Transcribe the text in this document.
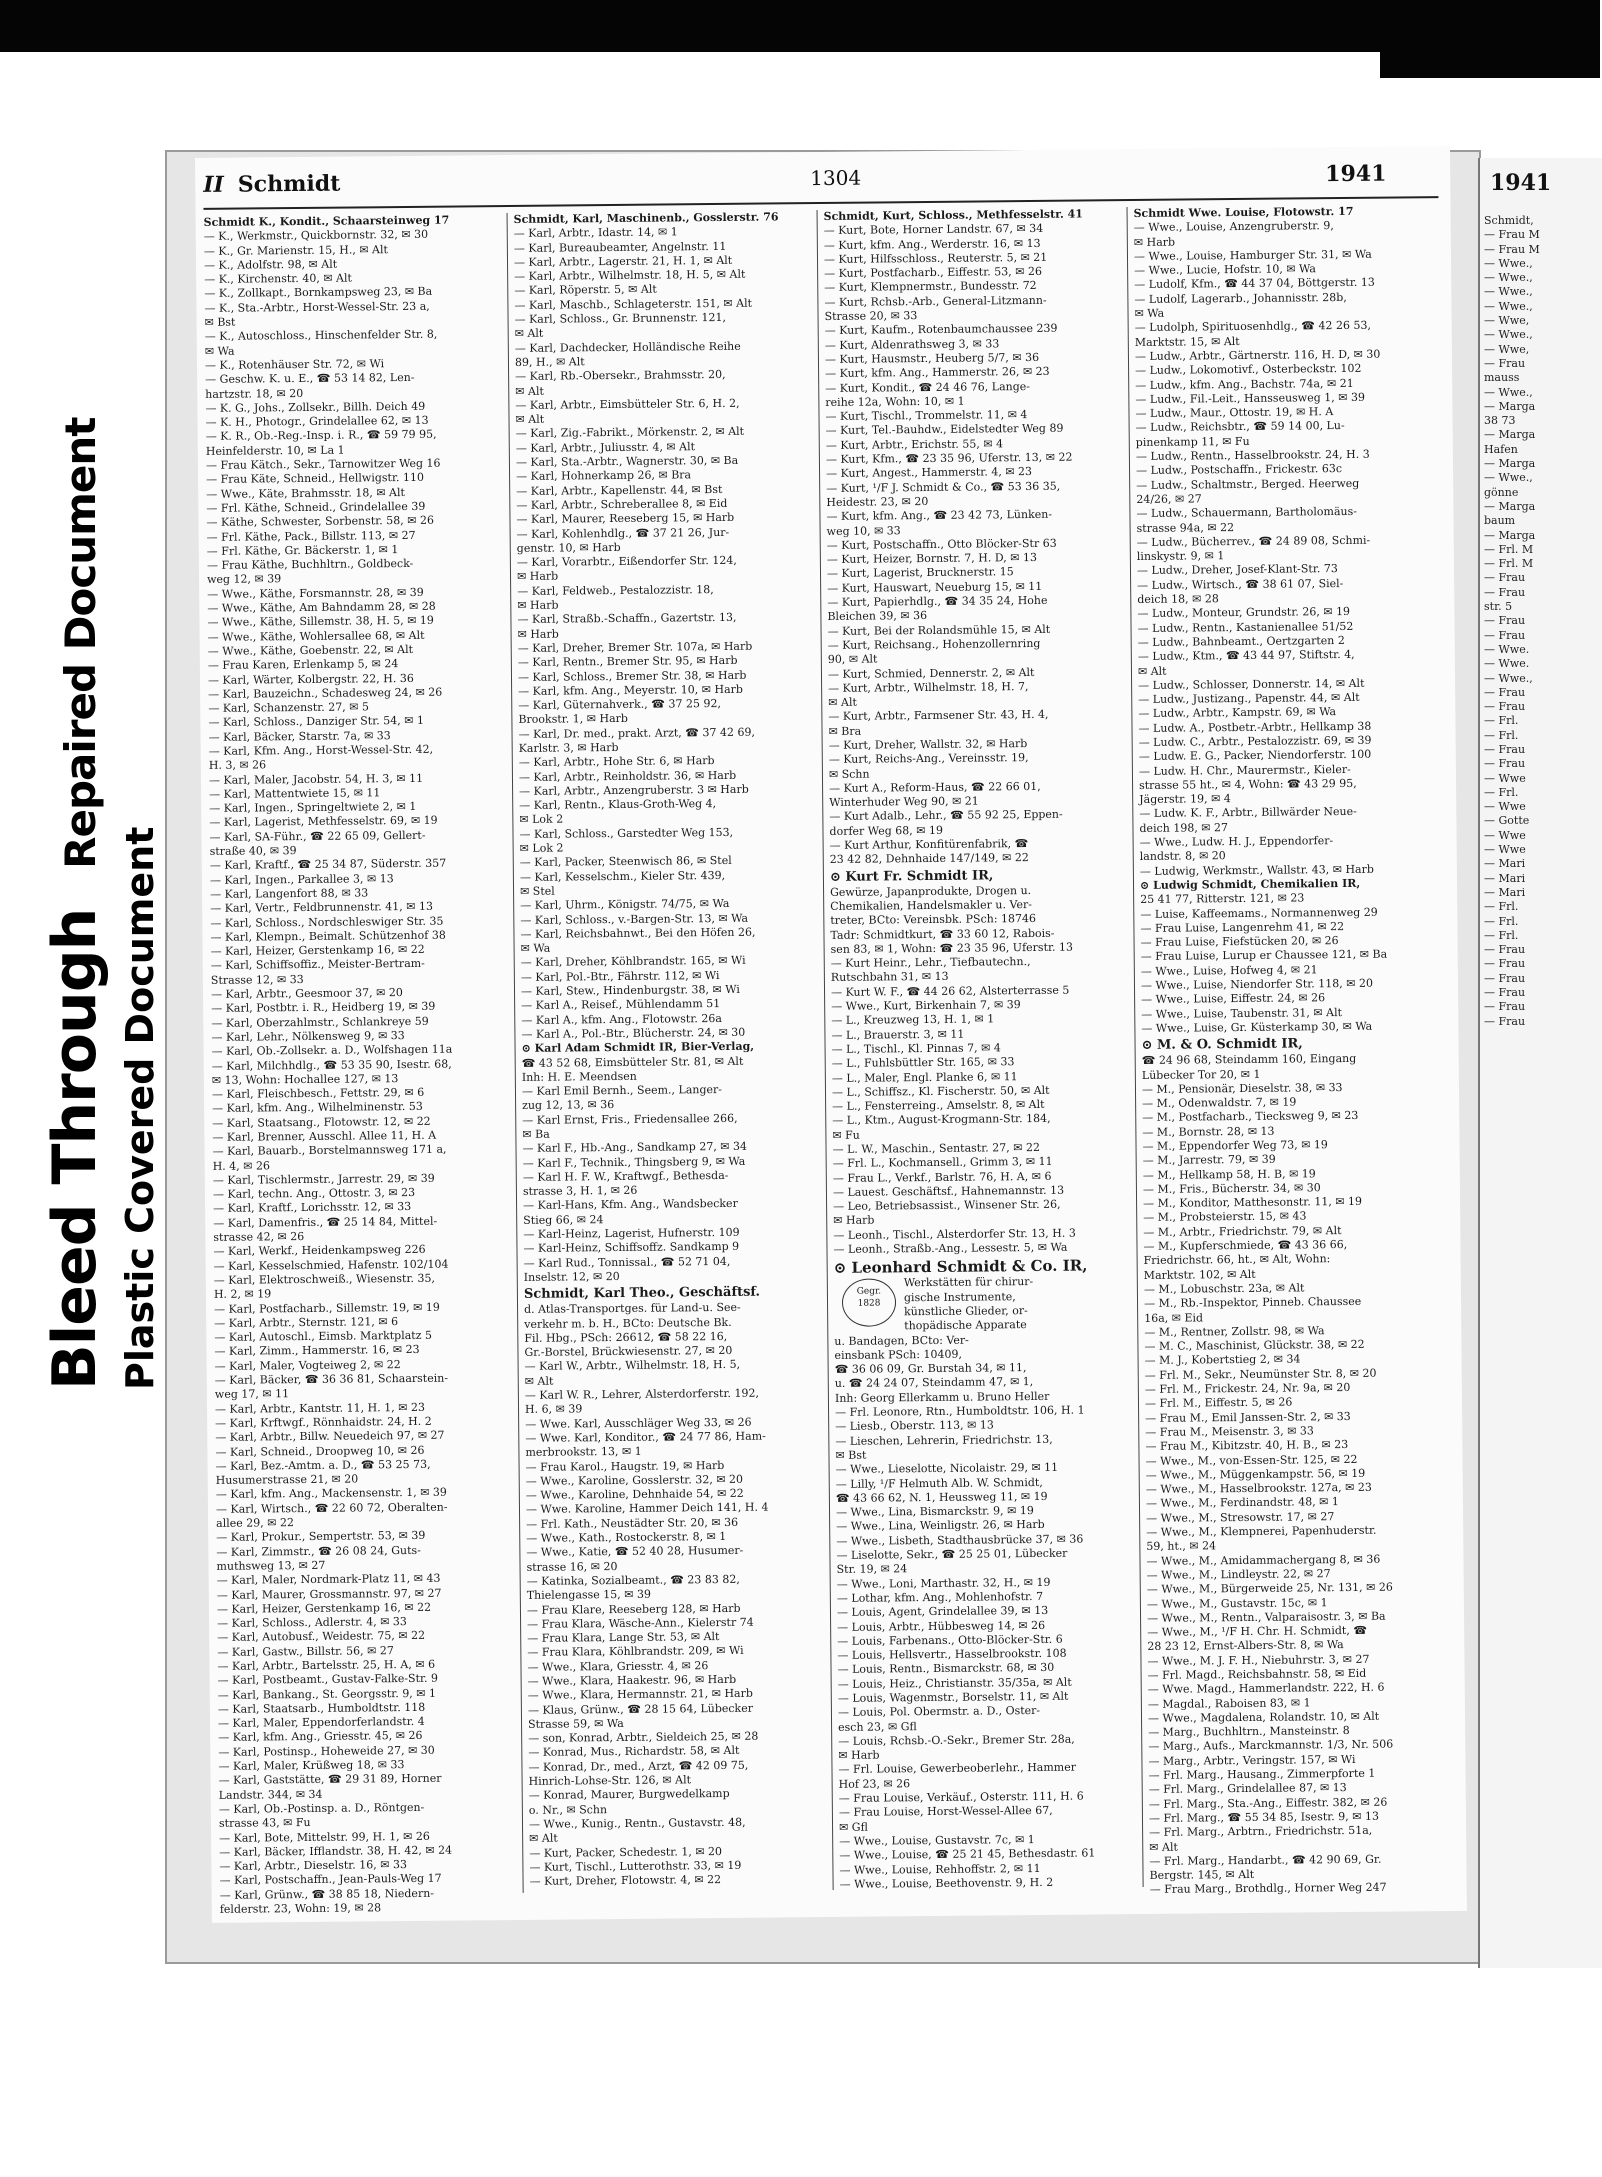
Bleed Through  Repaired Document
Plastic Covered Document
II Schmidt	1304	1941
Schmidt K., Kondit., Schaarsteinweg 17
— K., Werkmstr., Quickbornstr. 32, ✉ 30
— K., Gr. Marienstr. 15, H., ✉ Alt
— K., Adolfstr. 98, ✉ Alt
— K., Kirchenstr. 40, ✉ Alt
— K., Zollkapt., Bornkampsweg 23, ✉ Ba
— K., Sta.-Arbtr., Horst-Wessel-Str. 23 a,
✉ Bst
— K., Autoschloss., Hinschenfelder Str. 8,
✉ Wa
— K., Rotenhäuser Str. 72, ✉ Wi
— Geschw. K. u. E., ☎ 53 14 82, Len-
hartzstr. 18, ✉ 20
— K. G., Johs., Zollsekr., Billh. Deich 49
— K. H., Photogr., Grindelallee 62, ✉ 13
— K. R., Ob.-Reg.-Insp. i. R., ☎ 59 79 95,
Heinfelderstr. 10, ✉ La 1
— Frau Kätch., Sekr., Tarnowitzer Weg 16
— Frau Käte, Schneid., Hellwigstr. 110
— Wwe., Käte, Brahmsstr. 18, ✉ Alt
— Frl. Käthe, Schneid., Grindelallee 39
— Käthe, Schwester, Sorbenstr. 58, ✉ 26
— Frl. Käthe, Pack., Billstr. 113, ✉ 27
— Frl. Käthe, Gr. Bäckerstr. 1, ✉ 1
— Frau Käthe, Buchhltrn., Goldbeck-
weg 12, ✉ 39
— Wwe., Käthe, Forsmannstr. 28, ✉ 39
— Wwe., Käthe, Am Bahndamm 28, ✉ 28
— Wwe., Käthe, Sillemstr. 38, H. 5, ✉ 19
— Wwe., Käthe, Wohlersallee 68, ✉ Alt
— Wwe., Käthe, Goebenstr. 22, ✉ Alt
— Frau Karen, Erlenkamp 5, ✉ 24
— Karl, Wärter, Kolbergstr. 22, H. 36
— Karl, Bauzeichn., Schadesweg 24, ✉ 26
— Karl, Schanzenstr. 27, ✉ 5
— Karl, Schloss., Danziger Str. 54, ✉ 1
— Karl, Bäcker, Starstr. 7a, ✉ 33
— Karl, Kfm. Ang., Horst-Wessel-Str. 42,
H. 3, ✉ 26
— Karl, Maler, Jacobstr. 54, H. 3, ✉ 11
— Karl, Mattentwiete 15, ✉ 11
— Karl, Ingen., Springeltwiete 2, ✉ 1
— Karl, Lagerist, Methfesselstr. 69, ✉ 19
— Karl, SA-Führ., ☎ 22 65 09, Gellert-
straße 40, ✉ 39
— Karl, Kraftf., ☎ 25 34 87, Süderstr. 357
— Karl, Ingen., Parkallee 3, ✉ 13
— Karl, Langenfort 88, ✉ 33
— Karl, Vertr., Feldbrunnenstr. 41, ✉ 13
— Karl, Schloss., Nordschleswiger Str. 35
— Karl, Klempn., Beimalt. Schützenhof 38
— Karl, Heizer, Gerstenkamp 16, ✉ 22
— Karl, Schiffsoffiz., Meister-Bertram-
Strasse 12, ✉ 33
— Karl, Arbtr., Geesmoor 37, ✉ 20
— Karl, Postbtr. i. R., Heidberg 19, ✉ 39
— Karl, Oberzahlmstr., Schlankreye 59
— Karl, Lehr., Nölkensweg 9, ✉ 33
— Karl, Ob.-Zollsekr. a. D., Wolfshagen 11a
— Karl, Milchhdlg., ☎ 53 35 90, Isestr. 68,
✉ 13, Wohn: Hochallee 127, ✉ 13
— Karl, Fleischbesch., Fettstr. 29, ✉ 6
— Karl, kfm. Ang., Wilhelminenstr. 53
— Karl, Staatsang., Flotowstr. 12, ✉ 22
— Karl, Brenner, Ausschl. Allee 11, H. A
— Karl, Bauarb., Borstelmannsweg 171 a,
H. 4, ✉ 26
— Karl, Tischlermstr., Jarrestr. 29, ✉ 39
— Karl, techn. Ang., Ottostr. 3, ✉ 23
— Karl, Kraftf., Lorichsstr. 12, ✉ 33
— Karl, Damenfris., ☎ 25 14 84, Mittel-
strasse 42, ✉ 26
— Karl, Werkf., Heidenkampsweg 226
— Karl, Kesselschmied, Hafenstr. 102/104
— Karl, Elektroschweiß., Wiesenstr. 35,
H. 2, ✉ 19
— Karl, Postfacharb., Sillemstr. 19, ✉ 19
— Karl, Arbtr., Sternstr. 121, ✉ 6
— Karl, Autoschl., Eimsb. Marktplatz 5
— Karl, Zimm., Hammerstr. 16, ✉ 23
— Karl, Maler, Vogteiweg 2, ✉ 22
— Karl, Bäcker, ☎ 36 36 81, Schaarstein-
weg 17, ✉ 11
— Karl, Arbtr., Kantstr. 11, H. 1, ✉ 23
— Karl, Krftwgf., Rönnhaidstr. 24, H. 2
— Karl, Arbtr., Billw. Neuedeich 97, ✉ 27
— Karl, Schneid., Droopweg 10, ✉ 26
— Karl, Bez.-Amtm. a. D., ☎ 53 25 73,
Husumerstrasse 21, ✉ 20
— Karl, kfm. Ang., Mackensenstr. 1, ✉ 39
— Karl, Wirtsch., ☎ 22 60 72, Oberalten-
allee 29, ✉ 22
— Karl, Prokur., Sempertstr. 53, ✉ 39
— Karl, Zimmstr., ☎ 26 08 24, Guts-
muthsweg 13, ✉ 27
— Karl, Maler, Nordmark-Platz 11, ✉ 43
— Karl, Maurer, Grossmannstr. 97, ✉ 27
— Karl, Heizer, Gerstenkamp 16, ✉ 22
— Karl, Schloss., Adlerstr. 4, ✉ 33
— Karl, Autobusf., Weidestr. 75, ✉ 22
— Karl, Gastw., Billstr. 56, ✉ 27
— Karl, Arbtr., Bartelsstr. 25, H. A, ✉ 6
— Karl, Postbeamt., Gustav-Falke-Str. 9
— Karl, Bankang., St. Georgsstr. 9, ✉ 1
— Karl, Staatsarb., Humboldtstr. 118
— Karl, Maler, Eppendorferlandstr. 4
— Karl, kfm. Ang., Griesstr. 45, ✉ 26
— Karl, Postinsp., Hoheweide 27, ✉ 30
— Karl, Maler, Krüßweg 18, ✉ 33
— Karl, Gaststätte, ☎ 29 31 89, Horner
Landstr. 344, ✉ 34
— Karl, Ob.-Postinsp. a. D., Röntgen-
strasse 43, ✉ Fu
— Karl, Bote, Mittelstr. 99, H. 1, ✉ 26
— Karl, Bäcker, Ifflandstr. 38, H. 42, ✉ 24
— Karl, Arbtr., Dieselstr. 16, ✉ 33
— Karl, Postschaffn., Jean-Pauls-Weg 17
— Karl, Grünw., ☎ 38 85 18, Niedern-
felderstr. 23, Wohn: 19, ✉ 28
Schmidt, Karl, Maschinenb., Gosslerstr. 76
— Karl, Arbtr., Idastr. 14, ✉ 1
— Karl, Bureaubeamter, Angelnstr. 11
— Karl, Arbtr., Lagerstr. 21, H. 1, ✉ Alt
— Karl, Arbtr., Wilhelmstr. 18, H. 5, ✉ Alt
— Karl, Röperstr. 5, ✉ Alt
— Karl, Maschb., Schlageterstr. 151, ✉ Alt
— Karl, Schloss., Gr. Brunnenstr. 121,
✉ Alt
— Karl, Dachdecker, Holländische Reihe
89, H., ✉ Alt
— Karl, Rb.-Obersekr., Brahmsstr. 20,
✉ Alt
— Karl, Arbtr., Eimsbütteler Str. 6, H. 2,
✉ Alt
— Karl, Zig.-Fabrikt., Mörkenstr. 2, ✉ Alt
— Karl, Arbtr., Juliusstr. 4, ✉ Alt
— Karl, Sta.-Arbtr., Wagnerstr. 30, ✉ Ba
— Karl, Hohnerkamp 26, ✉ Bra
— Karl, Arbtr., Kapellenstr. 44, ✉ Bst
— Karl, Arbtr., Schreberallee 8, ✉ Eid
— Karl, Maurer, Reeseberg 15, ✉ Harb
— Karl, Kohlenhdlg., ☎ 37 21 26, Jur-
genstr. 10, ✉ Harb
— Karl, Vorarbtr., Eißendorfer Str. 124,
✉ Harb
— Karl, Feldweb., Pestalozzistr. 18,
✉ Harb
— Karl, Straßb.-Schaffn., Gazertstr. 13,
✉ Harb
— Karl, Dreher, Bremer Str. 107a, ✉ Harb
— Karl, Rentn., Bremer Str. 95, ✉ Harb
— Karl, Schloss., Bremer Str. 38, ✉ Harb
— Karl, kfm. Ang., Meyerstr. 10, ✉ Harb
— Karl, Güternahverk., ☎ 37 25 92,
Brookstr. 1, ✉ Harb
— Karl, Dr. med., prakt. Arzt, ☎ 37 42 69,
Karlstr. 3, ✉ Harb
— Karl, Arbtr., Hohe Str. 6, ✉ Harb
— Karl, Arbtr., Reinholdstr. 36, ✉ Harb
— Karl, Arbtr., Anzengruberstr. 3 ✉ Harb
— Karl, Rentn., Klaus-Groth-Weg 4,
✉ Lok 2
— Karl, Schloss., Garstedter Weg 153,
✉ Lok 2
— Karl, Packer, Steenwisch 86, ✉ Stel
— Karl, Kesselschm., Kieler Str. 439,
✉ Stel
— Karl, Uhrm., Königstr. 74/75, ✉ Wa
— Karl, Schloss., v.-Bargen-Str. 13, ✉ Wa
— Karl, Reichsbahnwt., Bei den Höfen 26,
✉ Wa
— Karl, Dreher, Köhlbrandstr. 165, ✉ Wi
— Karl, Pol.-Btr., Fährstr. 112, ✉ Wi
— Karl, Stew., Hindenburgstr. 38, ✉ Wi
— Karl A., Reisef., Mühlendamm 51
— Karl A., kfm. Ang., Flotowstr. 26a
— Karl A., Pol.-Btr., Blücherstr. 24, ✉ 30
⊙ Karl Adam Schmidt IR, Bier-Verlag,
☎ 43 52 68, Eimsbütteler Str. 81, ✉ Alt
Inh: H. E. Meendsen
— Karl Emil Bernh., Seem., Langer-
zug 12, 13, ✉ 36
— Karl Ernst, Fris., Friedensallee 266,
✉ Ba
— Karl F., Hb.-Ang., Sandkamp 27, ✉ 34
— Karl F., Technik., Thingsberg 9, ✉ Wa
— Karl H. F. W., Kraftwgf., Bethesda-
strasse 3, H. 1, ✉ 26
— Karl-Hans, Kfm. Ang., Wandsbecker
Stieg 66, ✉ 24
— Karl-Heinz, Lagerist, Hufnerstr. 109
— Karl-Heinz, Schiffsoffz. Sandkamp 9
— Karl Rud., Tonnissal., ☎ 52 71 04,
Inselstr. 12, ✉ 20
Schmidt, Karl Theo., Geschäftsf.
d. Atlas-Transportges. für Land-u. See-
verkehr m. b. H., BCto: Deutsche Bk.
Fil. Hbg., PSch: 26612, ☎ 58 22 16,
Gr.-Borstel, Brückwiesenstr. 27, ✉ 20
— Karl W., Arbtr., Wilhelmstr. 18, H. 5,
✉ Alt
— Karl W. R., Lehrer, Alsterdorferstr. 192,
H. 6, ✉ 39
— Wwe. Karl, Ausschläger Weg 33, ✉ 26
— Wwe. Karl, Konditor., ☎ 24 77 86, Ham-
merbrookstr. 13, ✉ 1
— Frau Karol., Haugstr. 19, ✉ Harb
— Wwe., Karoline, Gosslerstr. 32, ✉ 20
— Wwe., Karoline, Dehnhaide 54, ✉ 22
— Wwe. Karoline, Hammer Deich 141, H. 4
— Frl. Kath., Neustädter Str. 20, ✉ 36
— Wwe., Kath., Rostockerstr. 8, ✉ 1
— Wwe., Katie, ☎ 52 40 28, Husumer-
strasse 16, ✉ 20
— Katinka, Sozialbeamt., ☎ 23 83 82,
Thielengasse 15, ✉ 39
— Frau Klare, Reeseberg 128, ✉ Harb
— Frau Klara, Wäsche-Ann., Kielerstr 74
— Frau Klara, Lange Str. 53, ✉ Alt
— Frau Klara, Köhlbrandstr. 209, ✉ Wi
— Wwe., Klara, Griesstr. 4, ✉ 26
— Wwe., Klara, Haakestr. 96, ✉ Harb
— Wwe., Klara, Hermannstr. 21, ✉ Harb
— Klaus, Grünw., ☎ 28 15 64, Lübecker
Strasse 59, ✉ Wa
— son, Konrad, Arbtr., Sieldeich 25, ✉ 28
— Konrad, Mus., Richardstr. 58, ✉ Alt
— Konrad, Dr., med., Arzt, ☎ 42 09 75,
Hinrich-Lohse-Str. 126, ✉ Alt
— Konrad, Maurer, Burgwedelkamp
o. Nr., ✉ Schn
— Wwe., Kunig., Rentn., Gustavstr. 48,
✉ Alt
— Kurt, Packer, Schedestr. 1, ✉ 20
— Kurt, Tischl., Lutterothstr. 33, ✉ 19
— Kurt, Dreher, Flotowstr. 4, ✉ 22
Schmidt, Kurt, Schloss., Methfesselstr. 41
— Kurt, Bote, Horner Landstr. 67, ✉ 34
— Kurt, kfm. Ang., Werderstr. 16, ✉ 13
— Kurt, Hilfsschloss., Reuterstr. 5, ✉ 21
— Kurt, Postfacharb., Eiffestr. 53, ✉ 26
— Kurt, Klempnermstr., Bundesstr. 72
— Kurt, Rchsb.-Arb., General-Litzmann-
Strasse 20, ✉ 33
— Kurt, Kaufm., Rotenbaumchaussee 239
— Kurt, Aldenrathsweg 3, ✉ 33
— Kurt, Hausmstr., Heuberg 5/7, ✉ 36
— Kurt, kfm. Ang., Hammerstr. 26, ✉ 23
— Kurt, Kondit., ☎ 24 46 76, Lange-
reihe 12a, Wohn: 10, ✉ 1
— Kurt, Tischl., Trommelstr. 11, ✉ 4
— Kurt, Tel.-Bauhdw., Eidelstedter Weg 89
— Kurt, Arbtr., Erichstr. 55, ✉ 4
— Kurt, Kfm., ☎ 23 35 96, Uferstr. 13, ✉ 22
— Kurt, Angest., Hammerstr. 4, ✉ 23
— Kurt, ¹/F J. Schmidt & Co., ☎ 53 36 35,
Heidestr. 23, ✉ 20
— Kurt, kfm. Ang., ☎ 23 42 73, Lünken-
weg 10, ✉ 33
— Kurt, Postschaffn., Otto Blöcker-Str 63
— Kurt, Heizer, Bornstr. 7, H. D, ✉ 13
— Kurt, Lagerist, Brucknerstr. 15
— Kurt, Hauswart, Neueburg 15, ✉ 11
— Kurt, Papierhdlg., ☎ 34 35 24, Hohe
Bleichen 39, ✉ 36
— Kurt, Bei der Rolandsmühle 15, ✉ Alt
— Kurt, Reichsang., Hohenzollernring
90, ✉ Alt
— Kurt, Schmied, Dennerstr. 2, ✉ Alt
— Kurt, Arbtr., Wilhelmstr. 18, H. 7,
✉ Alt
— Kurt, Arbtr., Farmsener Str. 43, H. 4,
✉ Bra
— Kurt, Dreher, Wallstr. 32, ✉ Harb
— Kurt, Reichs-Ang., Vereinsstr. 19,
✉ Schn
— Kurt A., Reform-Haus, ☎ 22 66 01,
Winterhuder Weg 90, ✉ 21
— Kurt Adalb., Lehr., ☎ 55 92 25, Eppen-
dorfer Weg 68, ✉ 19
— Kurt Arthur, Konfitürenfabrik, ☎
23 42 82, Dehnhaide 147/149, ✉ 22
⊙ Kurt Fr. Schmidt IR,
Gewürze, Japanprodukte, Drogen u.
Chemikalien, Handelsmakler u. Ver-
treter, BCto: Vereinsbk. PSch: 18746
Tadr: Schmidtkurt, ☎ 33 60 12, Rabois-
sen 83, ✉ 1, Wohn: ☎ 23 35 96, Uferstr. 13
— Kurt Heinr., Lehr., Tiefbautechn.,
Rutschbahn 31, ✉ 13
— Kurt W. F., ☎ 44 26 62, Alsterterrasse 5
— Wwe., Kurt, Birkenhain 7, ✉ 39
— L., Kreuzweg 13, H. 1, ✉ 1
— L., Brauerstr. 3, ✉ 11
— L., Tischl., Kl. Pinnas 7, ✉ 4
— L., Fuhlsbüttler Str. 165, ✉ 33
— L., Maler, Engl. Planke 6, ✉ 11
— L., Schiffsz., Kl. Fischerstr. 50, ✉ Alt
— L., Fensterreing., Amselstr. 8, ✉ Alt
— L., Ktm., August-Krogmann-Str. 184,
✉ Fu
— L. W., Maschin., Sentastr. 27, ✉ 22
— Frl. L., Kochmansell., Grimm 3, ✉ 11
— Frau L., Verkf., Barlstr. 76, H. A, ✉ 6
— Lauest. Geschäftsf., Hahnemannstr. 13
— Leo, Betriebsassist., Winsener Str. 26,
✉ Harb
— Leonh., Tischl., Alsterdorfer Str. 13, H. 3
— Leonh., Straßb.-Ang., Lessestr. 5, ✉ Wa
⊙ Leonhard Schmidt & Co. IR,
Gegr.
1828
Werkstätten für chirur-
gische Instrumente,
künstliche Glieder, or-
thopädische Apparate
u. Bandagen, BCto: Ver-
einsbank PSch: 10409,
☎ 36 06 09, Gr. Burstah 34, ✉ 11,
u. ☎ 24 24 07, Steindamm 47, ✉ 1,
Inh: Georg Ellerkamm u. Bruno Heller
— Frl. Leonore, Rtn., Humboldtstr. 106, H. 1
— Liesb., Oberstr. 113, ✉ 13
— Lieschen, Lehrerin, Friedrichstr. 13,
✉ Bst
— Wwe., Lieselotte, Nicolaistr. 29, ✉ 11
— Lilly, ¹/F Helmuth Alb. W. Schmidt,
☎ 43 66 62, N. 1, Heussweg 11, ✉ 19
— Wwe., Lina, Bismarckstr. 9, ✉ 19
— Wwe., Lina, Weinligstr. 26, ✉ Harb
— Wwe., Lisbeth, Stadthausbrücke 37, ✉ 36
— Liselotte, Sekr., ☎ 25 25 01, Lübecker
Str. 19, ✉ 24
— Wwe., Loni, Marthastr. 32, H., ✉ 19
— Lothar, kfm. Ang., Mohlenhofstr. 7
— Louis, Agent, Grindelallee 39, ✉ 13
— Louis, Arbtr., Hübbesweg 14, ✉ 26
— Louis, Farbenans., Otto-Blöcker-Str. 6
— Louis, Hellsvertr., Hasselbrookstr. 108
— Louis, Rentn., Bismarckstr. 68, ✉ 30
— Louis, Heiz., Christianstr. 35/35a, ✉ Alt
— Louis, Wagenmstr., Borselstr. 11, ✉ Alt
— Louis, Pol. Obermstr. a. D., Oster-
esch 23, ✉ Gfl
— Louis, Rchsb.-O.-Sekr., Bremer Str. 28a,
✉ Harb
— Frl. Louise, Gewerbeoberlehr., Hammer
Hof 23, ✉ 26
— Frau Louise, Verkäuf., Osterstr. 111, H. 6
— Frau Louise, Horst-Wessel-Allee 67,
✉ Gfl
— Wwe., Louise, Gustavstr. 7c, ✉ 1
— Wwe., Louise, ☎ 25 21 45, Bethesdastr. 61
— Wwe., Louise, Rehhoffstr. 2, ✉ 11
— Wwe., Louise, Beethovenstr. 9, H. 2
Schmidt Wwe. Louise, Flotowstr. 17
— Wwe., Louise, Anzengruberstr. 9,
✉ Harb
— Wwe., Louise, Hamburger Str. 31, ✉ Wa
— Wwe., Lucie, Hofstr. 10, ✉ Wa
— Ludolf, Kfm., ☎ 44 37 04, Böttgerstr. 13
— Ludolf, Lagerarb., Johannisstr. 28b,
✉ Wa
— Ludolph, Spirituosenhdlg., ☎ 42 26 53,
Marktstr. 15, ✉ Alt
— Ludw., Arbtr., Gärtnerstr. 116, H. D, ✉ 30
— Ludw., Lokomotivf., Osterbeckstr. 102
— Ludw., kfm. Ang., Bachstr. 74a, ✉ 21
— Ludw., Fil.-Leit., Hansseusweg 1, ✉ 39
— Ludw., Maur., Ottostr. 19, ✉ H. A
— Ludw., Reichsbtr., ☎ 59 14 00, Lu-
pinenkamp 11, ✉ Fu
— Ludw., Rentn., Hasselbrookstr. 24, H. 3
— Ludw., Postschaffn., Frickestr. 63c
— Ludw., Schaltmstr., Berged. Heerweg
24/26, ✉ 27
— Ludw., Schauermann, Bartholomäus-
strasse 94a, ✉ 22
— Ludw., Bücherrev., ☎ 24 89 08, Schmi-
linskystr. 9, ✉ 1
— Ludw., Dreher, Josef-Klant-Str. 73
— Ludw., Wirtsch., ☎ 38 61 07, Siel-
deich 18, ✉ 28
— Ludw., Monteur, Grundstr. 26, ✉ 19
— Ludw., Rentn., Kastanienallee 51/52
— Ludw., Bahnbeamt., Oertzgarten 2
— Ludw., Ktm., ☎ 43 44 97, Stiftstr. 4,
✉ Alt
— Ludw., Schlosser, Donnerstr. 14, ✉ Alt
— Ludw., Justizang., Papenstr. 44, ✉ Alt
— Ludw., Arbtr., Kampstr. 69, ✉ Wa
— Ludw. A., Postbetr.-Arbtr., Hellkamp 38
— Ludw. C., Arbtr., Pestalozzistr. 69, ✉ 39
— Ludw. E. G., Packer, Niendorferstr. 100
— Ludw. H. Chr., Maurermstr., Kieler-
strasse 55 ht., ✉ 4, Wohn: ☎ 43 29 95,
Jägerstr. 19, ✉ 4
— Ludw. K. F., Arbtr., Billwärder Neue-
deich 198, ✉ 27
— Wwe., Ludw. H. J., Eppendorfer-
landstr. 8, ✉ 20
— Ludwig, Werkmstr., Wallstr. 43, ✉ Harb
⊙ Ludwig Schmidt, Chemikalien IR,
25 41 77, Ritterstr. 121, ✉ 23
— Luise, Kaffeemams., Normannenweg 29
— Frau Luise, Langenrehm 41, ✉ 22
— Frau Luise, Fiefstücken 20, ✉ 26
— Frau Luise, Lurup er Chaussee 121, ✉ Ba
— Wwe., Luise, Hofweg 4, ✉ 21
— Wwe., Luise, Niendorfer Str. 118, ✉ 20
— Wwe., Luise, Eiffestr. 24, ✉ 26
— Wwe., Luise, Taubenstr. 31, ✉ Alt
— Wwe., Luise, Gr. Küsterkamp 30, ✉ Wa
⊙ M. & O. Schmidt IR,
☎ 24 96 68, Steindamm 160, Eingang
Lübecker Tor 20, ✉ 1
— M., Pensionär, Dieselstr. 38, ✉ 33
— M., Odenwaldstr. 7, ✉ 19
— M., Postfacharb., Tiecksweg 9, ✉ 23
— M., Bornstr. 28, ✉ 13
— M., Eppendorfer Weg 73, ✉ 19
— M., Jarrestr. 79, ✉ 39
— M., Hellkamp 58, H. B, ✉ 19
— M., Fris., Bücherstr. 34, ✉ 30
— M., Konditor, Matthesonstr. 11, ✉ 19
— M., Probsteierstr. 15, ✉ 43
— M., Arbtr., Friedrichstr. 79, ✉ Alt
— M., Kupferschmiede, ☎ 43 36 66,
Friedrichstr. 66, ht., ✉ Alt, Wohn:
Marktstr. 102, ✉ Alt
— M., Lobuschstr. 23a, ✉ Alt
— M., Rb.-Inspektor, Pinneb. Chaussee
16a, ✉ Eid
— M., Rentner, Zollstr. 98, ✉ Wa
— M. C., Maschinist, Glückstr. 38, ✉ 22
— M. J., Kobertstieg 2, ✉ 34
— Frl. M., Sekr., Neumünster Str. 8, ✉ 20
— Frl. M., Frickestr. 24, Nr. 9a, ✉ 20
— Frl. M., Eiffestr. 5, ✉ 26
— Frau M., Emil Janssen-Str. 2, ✉ 33
— Frau M., Meisenstr. 3, ✉ 33
— Frau M., Kibitzstr. 40, H. B., ✉ 23
— Wwe., M., von-Essen-Str. 125, ✉ 22
— Wwe., M., Müggenkampstr. 56, ✉ 19
— Wwe., M., Hasselbrookstr. 127a, ✉ 23
— Wwe., M., Ferdinandstr. 48, ✉ 1
— Wwe., M., Stresowstr. 17, ✉ 27
— Wwe., M., Klempnerei, Papenhuderstr.
59, ht., ✉ 24
— Wwe., M., Amidammachergang 8, ✉ 36
— Wwe., M., Lindleystr. 22, ✉ 27
— Wwe., M., Bürgerweide 25, Nr. 131, ✉ 26
— Wwe., M., Gustavstr. 15c, ✉ 1
— Wwe., M., Rentn., Valparaisostr. 3, ✉ Ba
— Wwe., M., ¹/F H. Chr. H. Schmidt, ☎
28 23 12, Ernst-Albers-Str. 8, ✉ Wa
— Wwe., M. J. F. H., Niebuhrstr. 3, ✉ 27
— Frl. Magd., Reichsbahnstr. 58, ✉ Eid
— Wwe. Magd., Hammerlandstr. 222, H. 6
— Magdal., Raboisen 83, ✉ 1
— Wwe., Magdalena, Rolandstr. 10, ✉ Alt
— Marg., Buchhltrn., Mansteinstr. 8
— Marg., Aufs., Marckmannstr. 1/3, Nr. 506
— Marg., Arbtr., Veringstr. 157, ✉ Wi
— Frl. Marg., Hausang., Zimmerpforte 1
— Frl. Marg., Grindelallee 87, ✉ 13
— Frl. Marg., Sta.-Ang., Eiffestr. 382, ✉ 26
— Frl. Marg., ☎ 55 34 85, Isestr. 9, ✉ 13
— Frl. Marg., Arbtrn., Friedrichstr. 51a,
✉ Alt
— Frl. Marg., Handarbt., ☎ 42 90 69, Gr.
Bergstr. 145, ✉ Alt
— Frau Marg., Brothdlg., Horner Weg 247
1941
Schmidt,
— Frau M
— Frau M
— Wwe.,
— Wwe.,
— Wwe.,
— Wwe.,
— Wwe,
— Wwe.,
— Wwe,
— Frau
mauss
— Wwe.,
— Marga
38 73
— Marga
Hafen
— Marga
— Wwe.,
gönne
— Marga
baum
— Marga
— Frl. M
— Frl. M
— Frau
— Frau
str. 5
— Frau
— Frau
— Wwe.
— Wwe.
— Wwe.,
— Frau
— Frau
— Frl.
— Frl.
— Frau
— Frau
— Wwe
— Frl.
— Wwe
— Gotte
— Wwe
— Wwe
— Mari
— Mari
— Mari
— Frl.
— Frl.
— Frl.
— Frau
— Frau
— Frau
— Frau
— Frau
— Frau
